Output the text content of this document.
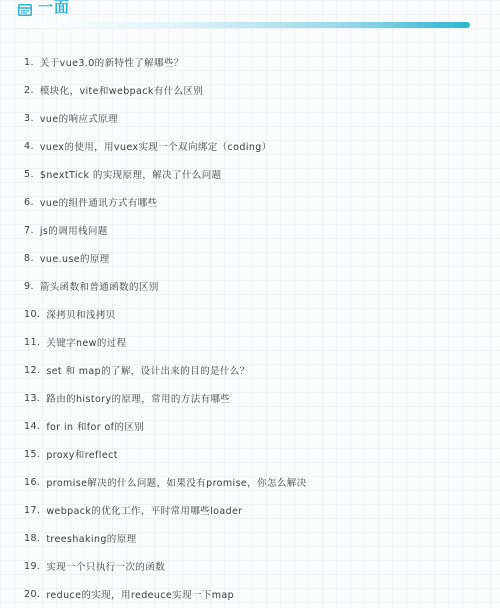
一面
1. 关于vue3.0的新特性了解哪些？
2. 模块化，vite和webpack有什么区别
3. vue的响应式原理
4. vuex的使用，用vuex实现一个双向绑定（coding）
5. $nextTick 的实现原理，解决了什么问题
6. vue的组件通讯方式有哪些
7. js的调用栈问题
8. vue.use的原理
9. 箭头函数和普通函数的区别
10. 深拷贝和浅拷贝
11. 关键字new的过程
12. set 和 map的了解，设计出来的目的是什么？
13. 路由的history的原理，常用的方法有哪些
14. for in 和for of的区别
15. proxy和reflect
16. promise解决的什么问题，如果没有promise，你怎么解决
17. webpack的优化工作，平时常用哪些loader
18. treeshaking的原理
19. 实现一个只执行一次的函数
20. reduce的实现，用redeuce实现一下map
